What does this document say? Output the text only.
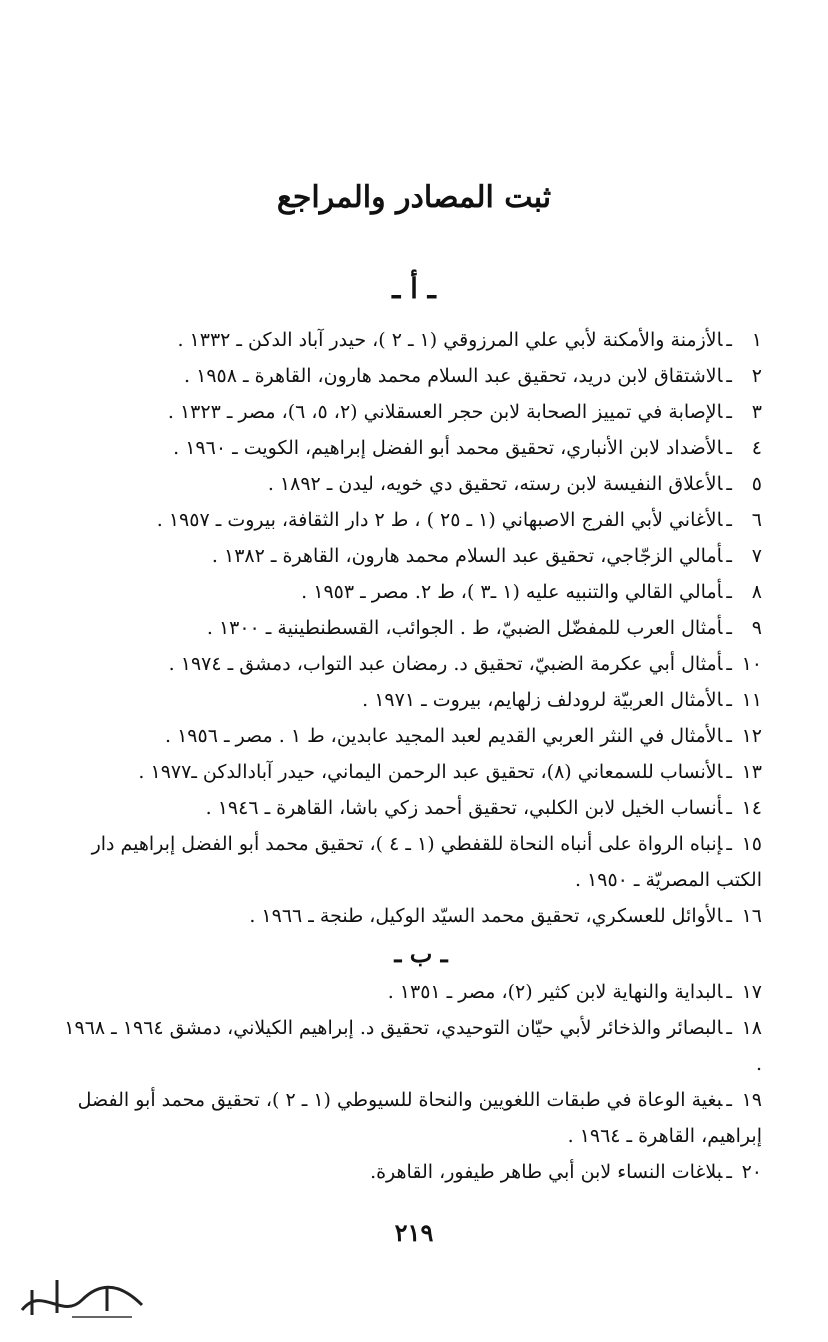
ثبت المصادر والمراجع
ـ أ ـ
١ـالأزمنة والأمكنة لأبي علي المرزوقي (١ ـ ٢ )، حيدر آباد الدكن ـ ١٣٣٢ .
٢ـالاشتقاق لابن دريد، تحقيق عبد السلام محمد هارون، القاهرة ـ ١٩٥٨ .
٣ـالإصابة في تمييز الصحابة لابن حجر العسقلاني (٢، ٥، ٦)، مصر ـ ١٣٢٣ .
٤ـالأضداد لابن الأنباري، تحقيق محمد أبو الفضل إبراهيم، الكويت ـ ١٩٦٠ .
٥ـالأعلاق النفيسة لابن رسته، تحقيق دي خويه، ليدن ـ ١٨٩٢ .
٦ـالأغاني لأبي الفرج الاصبهاني (١ ـ ٢٥ ) ، ط ٢ دار الثقافة، بيروت ـ ١٩٥٧ .
٧ـأمالي الزجّاجي، تحقيق عبد السلام محمد هارون، القاهرة ـ ١٣٨٢ .
٨ـأمالي القالي والتنبيه عليه (١ ـ٣ )، ط ٢. مصر ـ ١٩٥٣ .
٩ـأمثال العرب للمفضّل الضبيّ، ط . الجوائب، القسطنطينية ـ ١٣٠٠ .
١٠ـأمثال أبي عكرمة الضبيّ، تحقيق د. رمضان عبد التواب، دمشق ـ ١٩٧٤ .
١١ـالأمثال العربيّة لرودلف زلهايم، بيروت ـ ١٩٧١ .
١٢ـالأمثال في النثر العربي القديم لعبد المجيد عابدين، ط ١ . مصر ـ ١٩٥٦ .
١٣ـالأنساب للسمعاني (٨)، تحقيق عبد الرحمن اليماني، حيدر آبادالدكن ـ١٩٧٧ .
١٤ـأنساب الخيل لابن الكلبي، تحقيق أحمد زكي باشا، القاهرة ـ ١٩٤٦ .
١٥ـإنباه الرواة على أنباه النحاة للقفطي (١ ـ ٤ )، تحقيق محمد أبو الفضل إبراهيم دار الكتب المصريّة ـ ١٩٥٠ .
١٦ـالأوائل للعسكري، تحقيق محمد السيّد الوكيل، طنجة ـ ١٩٦٦ .
ـ ب ـ
١٧ـالبداية والنهاية لابن كثير (٢)، مصر ـ ١٣٥١ .
١٨ـالبصائر والذخائر لأبي حيّان التوحيدي، تحقيق د. إبراهيم الكيلاني، دمشق ١٩٦٤ ـ ١٩٦٨ .
١٩ـبغية الوعاة في طبقات اللغويين والنحاة للسيوطي (١ ـ ٢ )، تحقيق محمد أبو الفضل إبراهيم، القاهرة ـ ١٩٦٤ .
٢٠ـبلاغات النساء لابن أبي طاهر طيفور، القاهرة.
٢١٩
